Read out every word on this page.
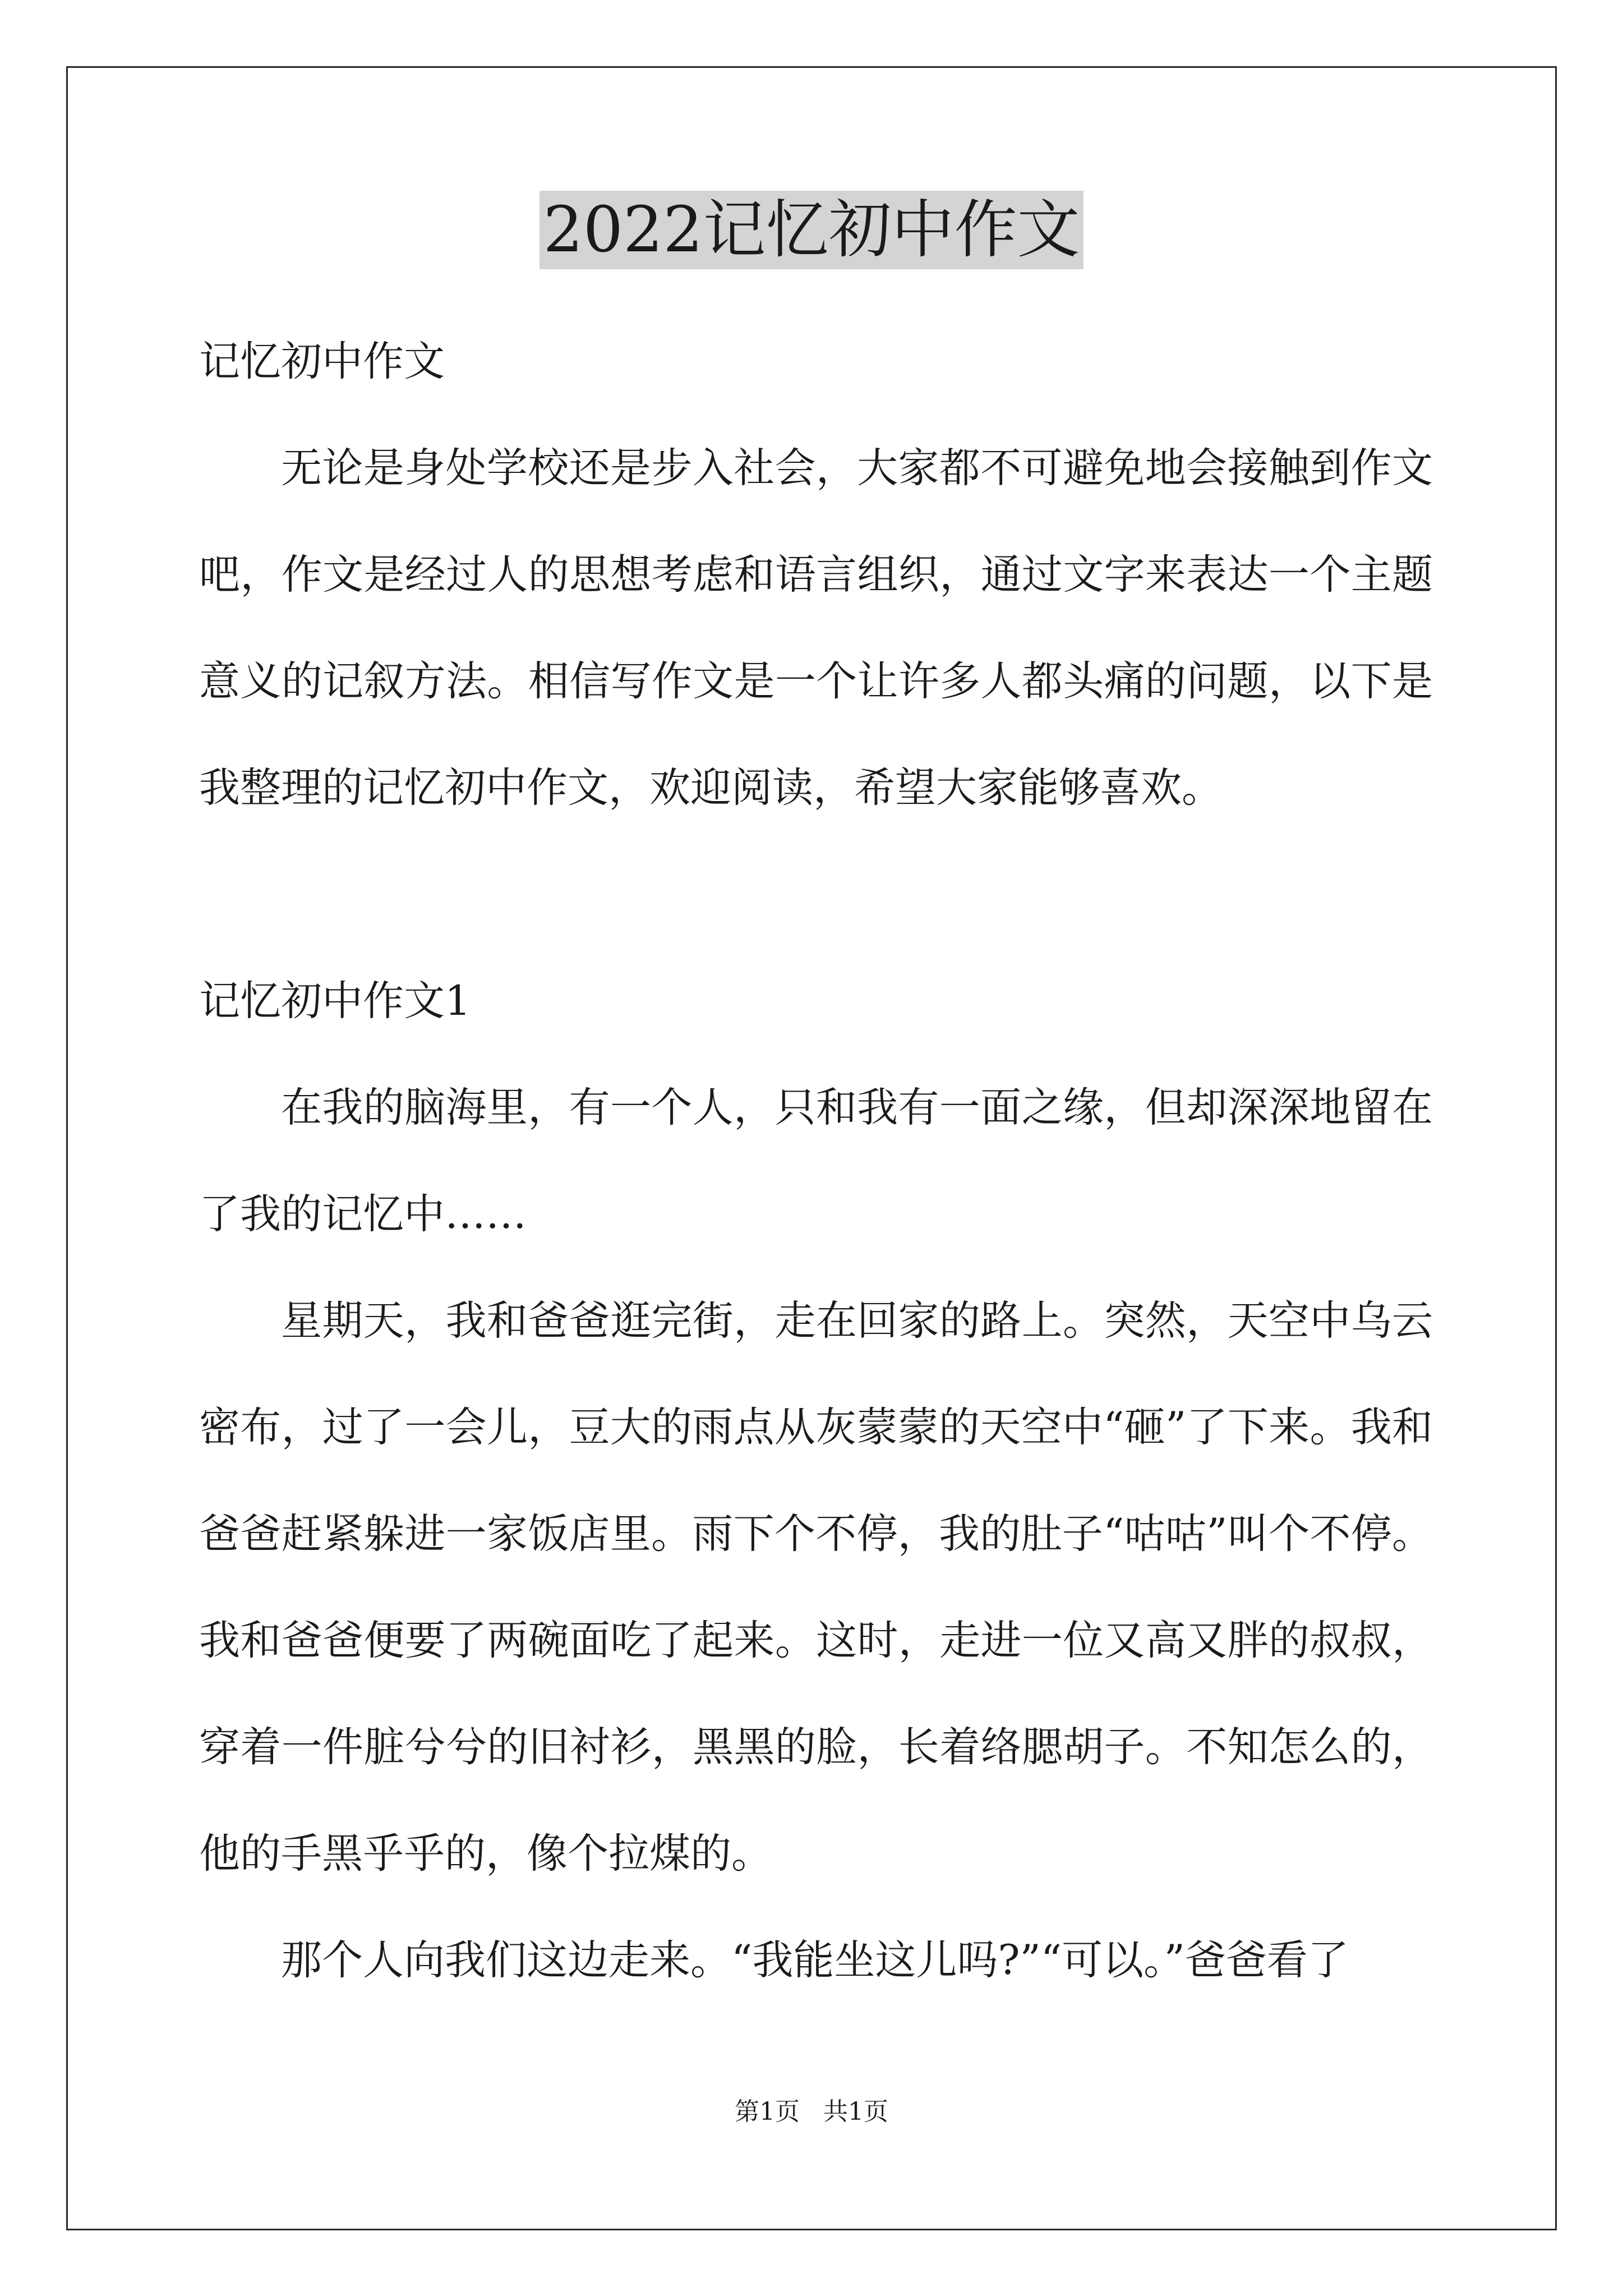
2022记忆初中作文

记忆初中作文

无论是身处学校还是步入社会，大家都不可避免地会接触到作文吧，作文是经过人的思想考虑和语言组织，通过文字来表达一个主题意义的记叙方法。相信写作文是一个让许多人都头痛的问题，以下是我整理的记忆初中作文，欢迎阅读，希望大家能够喜欢。

记忆初中作文1

在我的脑海里，有一个人，只和我有一面之缘，但却深深地留在了我的记忆中……

星期天，我和爸爸逛完街，走在回家的路上。突然，天空中乌云密布，过了一会儿，豆大的雨点从灰蒙蒙的天空中“砸”了下来。我和爸爸赶紧躲进一家饭店里。雨下个不停，我的肚子“咕咕”叫个不停。我和爸爸便要了两碗面吃了起来。这时，走进一位又高又胖的叔叔，穿着一件脏兮兮的旧衬衫，黑黑的脸，长着络腮胡子。不知怎么的，他的手黑乎乎的，像个拉煤的。

那个人向我们这边走来。“我能坐这儿吗?”“可以。”爸爸看了

第1页   共1页
